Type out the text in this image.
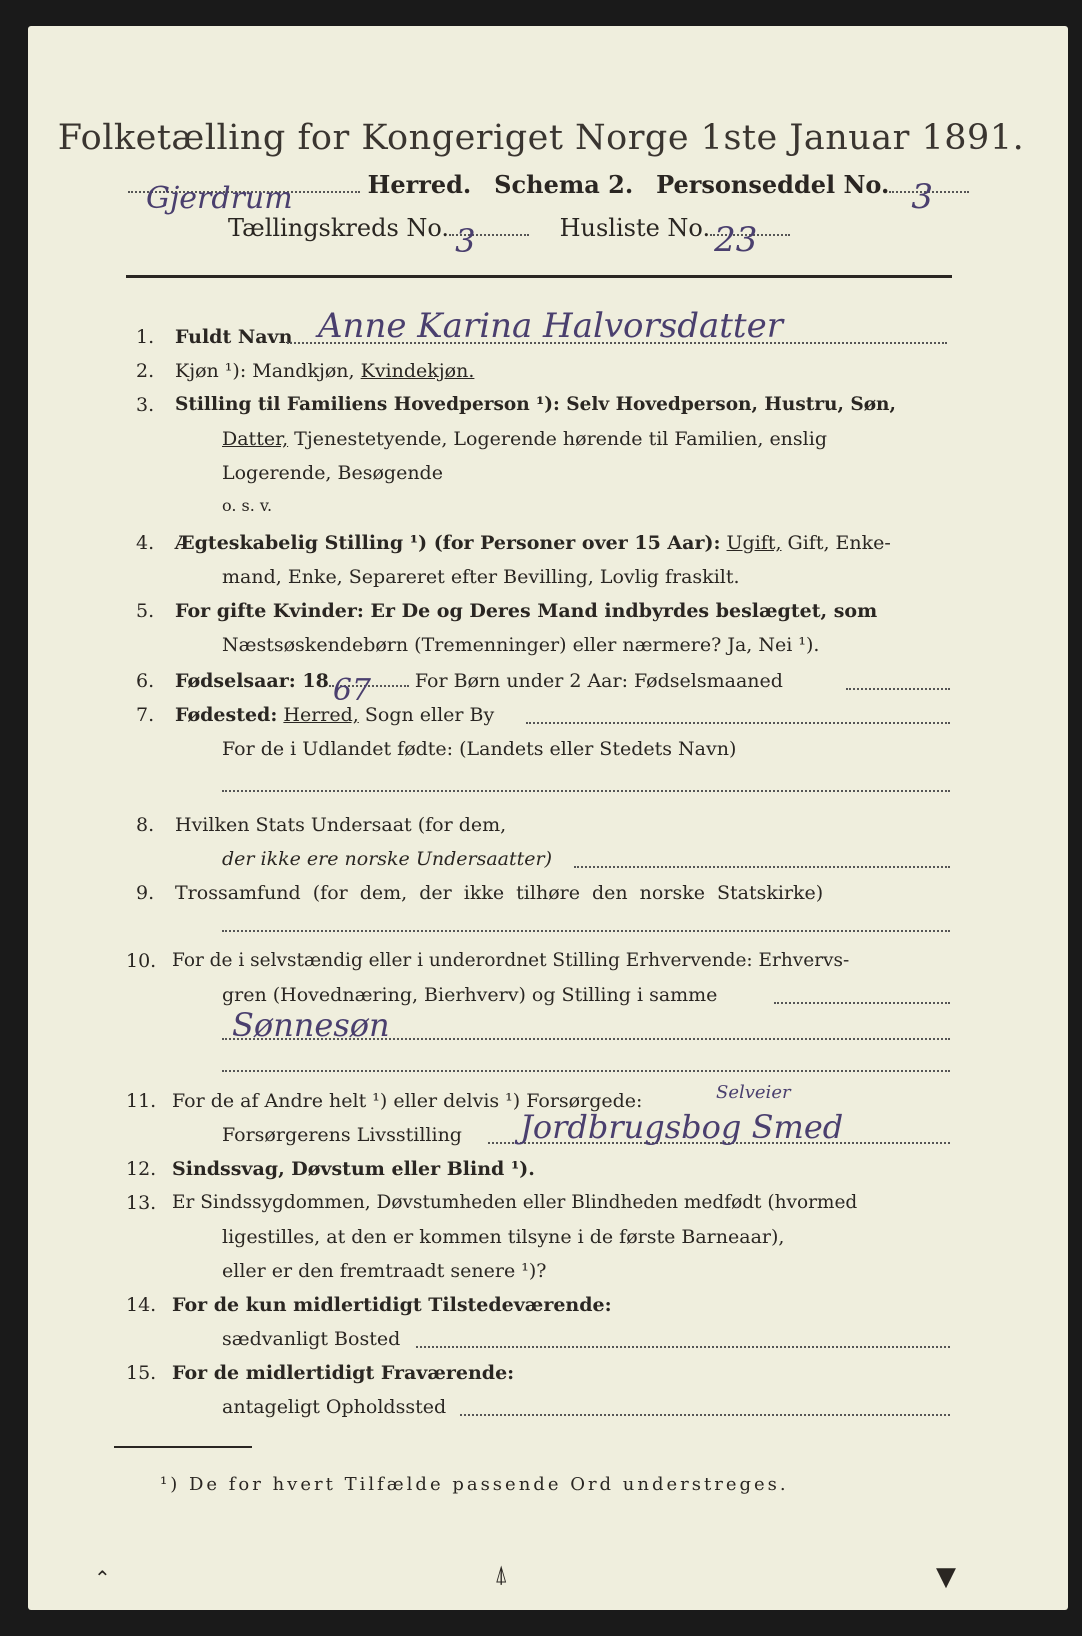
Folketælling for Kongeriget Norge 1ste Januar 1891.
Gjerdrum	Herred. Schema 2. Personseddel No. 3
Tællingskreds No. 3	Husliste No. 23
1. Fuldt Navn Anne Karina Halvorsdatter
2. Kjøn ¹): Mandkjøn, Kvindekjøn.
3. Stilling til Familiens Hovedperson ¹): Selv Hovedperson, Hustru, Søn,
Datter, Tjenestetyende, Logerende hørende til Familien, enslig
Logerende, Besøgende
o. s. v.
4. Ægteskabelig Stilling ¹) (for Personer over 15 Aar): Ugift, Gift, Enke-
mand, Enke, Separeret efter Bevilling, Lovlig fraskilt.
5. For gifte Kvinder: Er De og Deres Mand indbyrdes beslægtet, som
Næstsøskendebørn (Tremenninger) eller nærmere? Ja, Nei ¹).
6. Fødselsaar: 18 67 For Børn under 2 Aar: Fødselsmaaned
7. Fødested: Herred, Sogn eller By
For de i Udlandet fødte: (Landets eller Stedets Navn)
8. Hvilken Stats Undersaat (for dem,
der ikke ere norske Undersaatter)
9. Trossamfund (for dem, der ikke tilhøre den norske Statskirke)
10. For de i selvstændig eller i underordnet Stilling Erhvervende: Erhvervs-
gren (Hovednæring, Bierhverv) og Stilling i samme
Sønnesøn
11. For de af Andre helt ¹) eller delvis ¹) Forsørgede:	Selveier
Forsørgerens Livsstilling Jordbrugsbog Smed
12. Sindssvag, Døvstum eller Blind ¹).
13. Er Sindssygdommen, Døvstumheden eller Blindheden medfødt (hvormed
ligestilles, at den er kommen tilsyne i de første Barneaar),
eller er den fremtraadt senere ¹)?
14. For de kun midlertidigt Tilstedeværende:
sædvanligt Bosted
15. For de midlertidigt Fraværende:
antageligt Opholdssted
¹) De for hvert Tilfælde passende Ord understreges.
⌃	⍋	▼
